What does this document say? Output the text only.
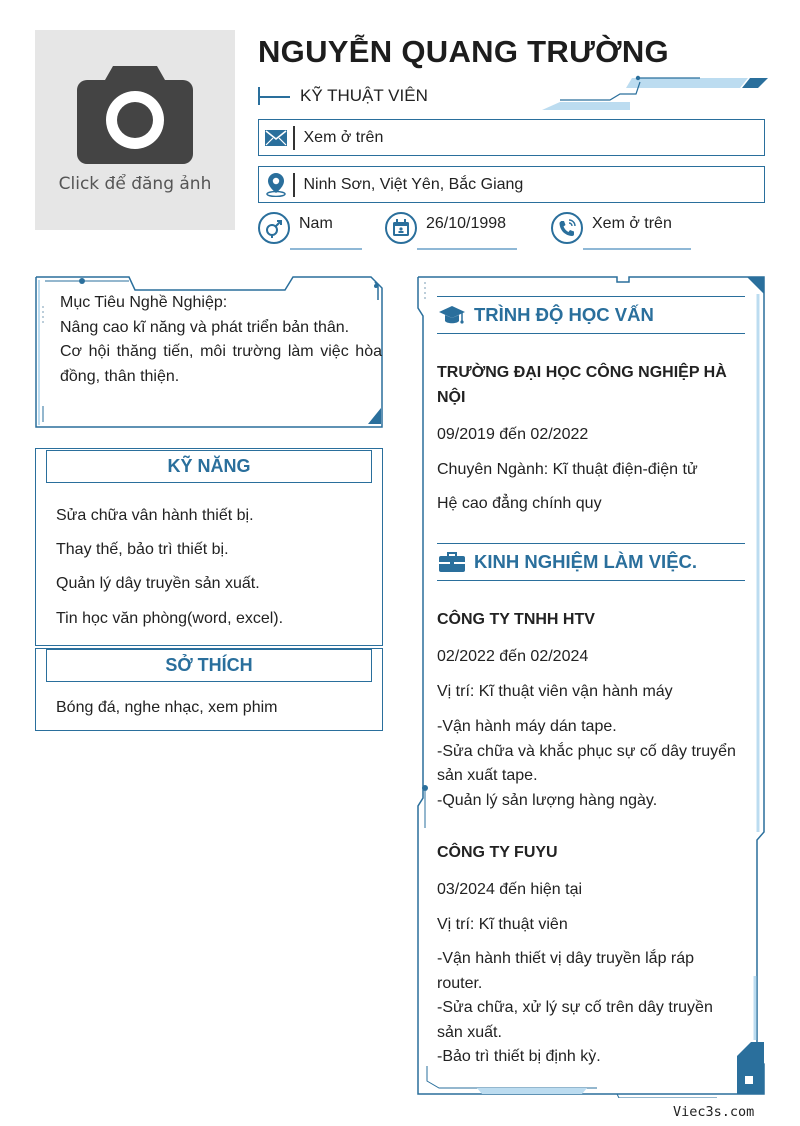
Click để đăng ảnh
NGUYỄN QUANG TRƯỜNG
KỸ THUẬT VIÊN
Xem ở trên
Ninh Sơn, Việt Yên, Bắc Giang
Nam	26/10/1998	Xem ở trên
Mục Tiêu Nghề Nghiệp:
Nâng cao kĩ năng và phát triển bản thân.
Cơ hội thăng tiến, môi trường làm việc hòa đồng, thân thiện.
KỸ NĂNG
Sửa chữa vân hành thiết bị.
Thay thế, bảo trì thiết bị.
Quản lý dây truyền sản xuất.
Tin học văn phòng(word, excel).
SỞ THÍCH
Bóng đá, nghe nhạc, xem phim
TRÌNH ĐỘ HỌC VẤN
TRƯỜNG ĐẠI HỌC CÔNG NGHIỆP HÀ NỘI
09/2019 đến 02/2022
Chuyên Ngành: Kĩ thuật điện-điện tử
Hệ cao đẳng chính quy
KINH NGHIỆM LÀM VIỆC.
CÔNG TY TNHH HTV
02/2022 đến 02/2024
Vị trí: Kĩ thuật viên vận hành máy
-Vận hành máy dán tape.
-Sửa chữa và khắc phục sự cố dây truyển sản xuất tape.
-Quản lý sản lượng hàng ngày.
CÔNG TY FUYU
03/2024 đến hiện tại
Vị trí: Kĩ thuật viên
-Vận hành thiết vị dây truyền lắp ráp router.
-Sửa chữa, xử lý sự cố trên dây truyền sản xuất.
-Bảo trì thiết bị định kỳ.
Viec3s.com
